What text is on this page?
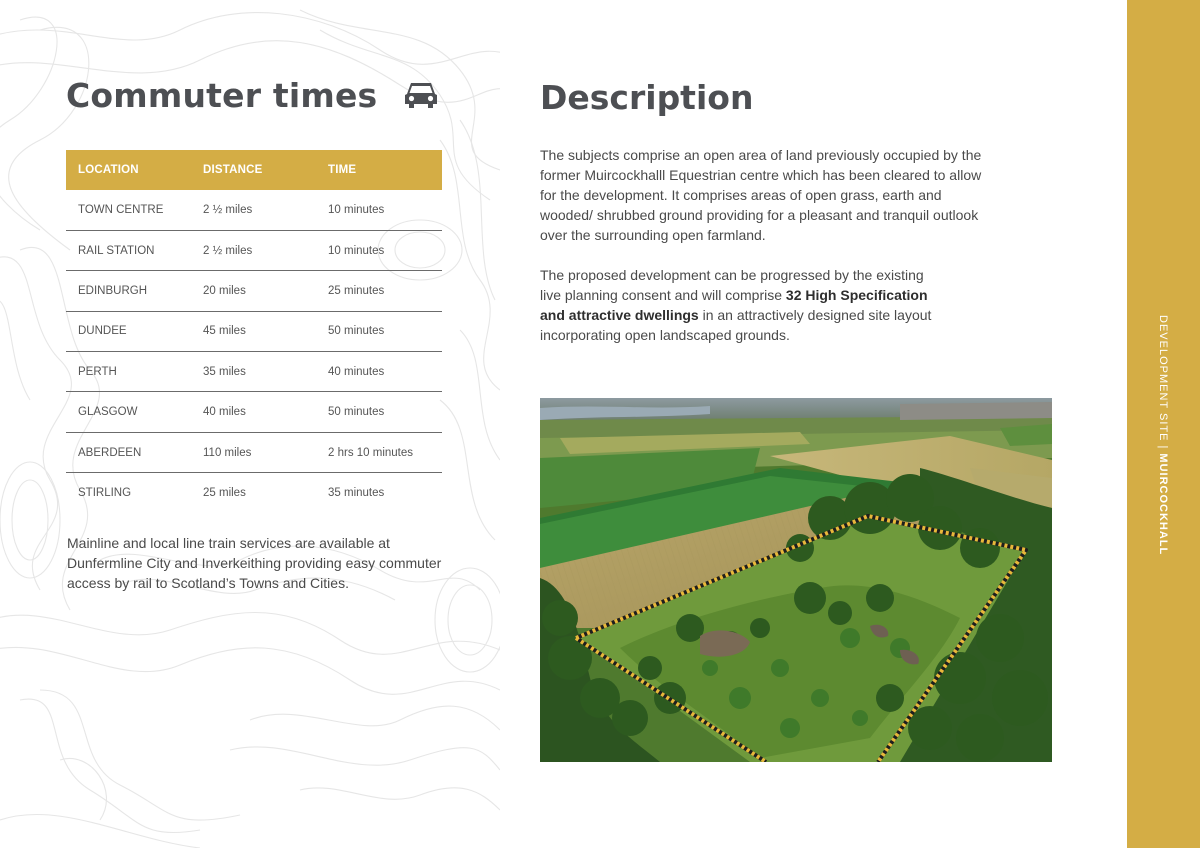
Commuter times
LOCATION	DISTANCE	TIME
TOWN CENTRE	2 ½ miles	10 minutes
RAIL STATION	2 ½ miles	10 minutes
EDINBURGH	20 miles	25 minutes
DUNDEE	45 miles	50 minutes
PERTH	35 miles	40 minutes
GLASGOW	40 miles	50 minutes
ABERDEEN	110 miles	2 hrs 10 minutes
STIRLING	25 miles	35 minutes

Mainline and local line train services are available at Dunfermline City and Inverkeithing providing easy commuter access by rail to Scotland’s Towns and Cities.

Description

The subjects comprise an open area of land previously occupied by the former Muircockhalll Equestrian centre which has been cleared to allow for the development. It comprises areas of open grass, earth and wooded/ shrubbed ground providing for a pleasant and tranquil outlook over the surrounding open farmland.

The proposed development can be progressed by the existing live planning consent and will comprise 32 High Specification and attractive dwellings in an attractively designed site layout incorporating open landscaped grounds.	DEVELOPMENT SITE | MUIRCOCKHALL
